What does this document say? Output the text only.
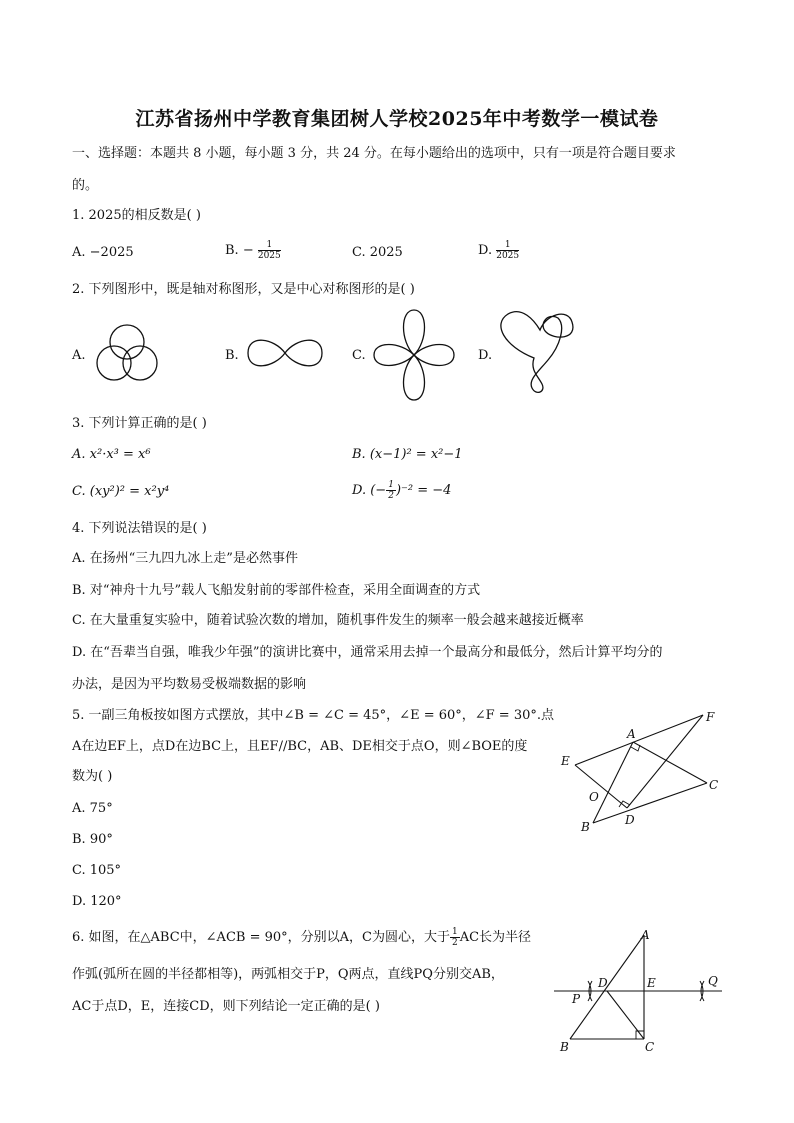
江苏省扬州中学教育集团树人学校2025年中考数学一模试卷
一、选择题：本题共 8 小题，每小题 3 分，共 24 分。在每小题给出的选项中，只有一项是符合题目要求
的。
1. 2025的相反数是( )
A. −2025	B. − $\frac{1}{2025}$	C. 2025	D. $\frac{1}{2025}$
2. 下列图形中，既是轴对称图形，又是中心对称图形的是( )
A.	B.	C.	D.
3. 下列计算正确的是( )
A. x²·x³ = x⁶	B. (x−1)² = x²−1
C. (xy²)² = x²y⁴	D. (− $\frac{1}{2} )^{-2} = -4$
4. 下列说法错误的是( )
A. 在扬州“三九四九冰上走”是必然事件
B. 对“神舟十九号”载人飞船发射前的零部件检查，采用全面调查的方式
C. 在大量重复实验中，随着试验次数的增加，随机事件发生的频率一般会越来越接近概率
D. 在“吾辈当自强，唯我少年强”的演讲比赛中，通常采用去掉一个最高分和最低分，然后计算平均分的
办法，是因为平均数易受极端数据的影响
5. 一副三角板按如图方式摆放，其中∠B = ∠C = 45°，∠E = 60°，∠F = 30°.点
A在边EF上，点D在边BC上，且EF//BC，AB、DE相交于点O，则∠BOE的度
数为( )
A. 75°
B. 90°
C. 105°
D. 120°
A
B
C
D
E
F
O
6. 如图，在△ABC中，∠ACB = 90°，分别以A，C为圆心，大于 $\frac{1}{2}$ AC长为半径
作弧(弧所在圆的半径都相等)，两弧相交于P，Q两点，直线PQ分别交AB，
AC于点D，E，连接CD，则下列结论一定正确的是( )
A
B	C
D	E
P
Q
